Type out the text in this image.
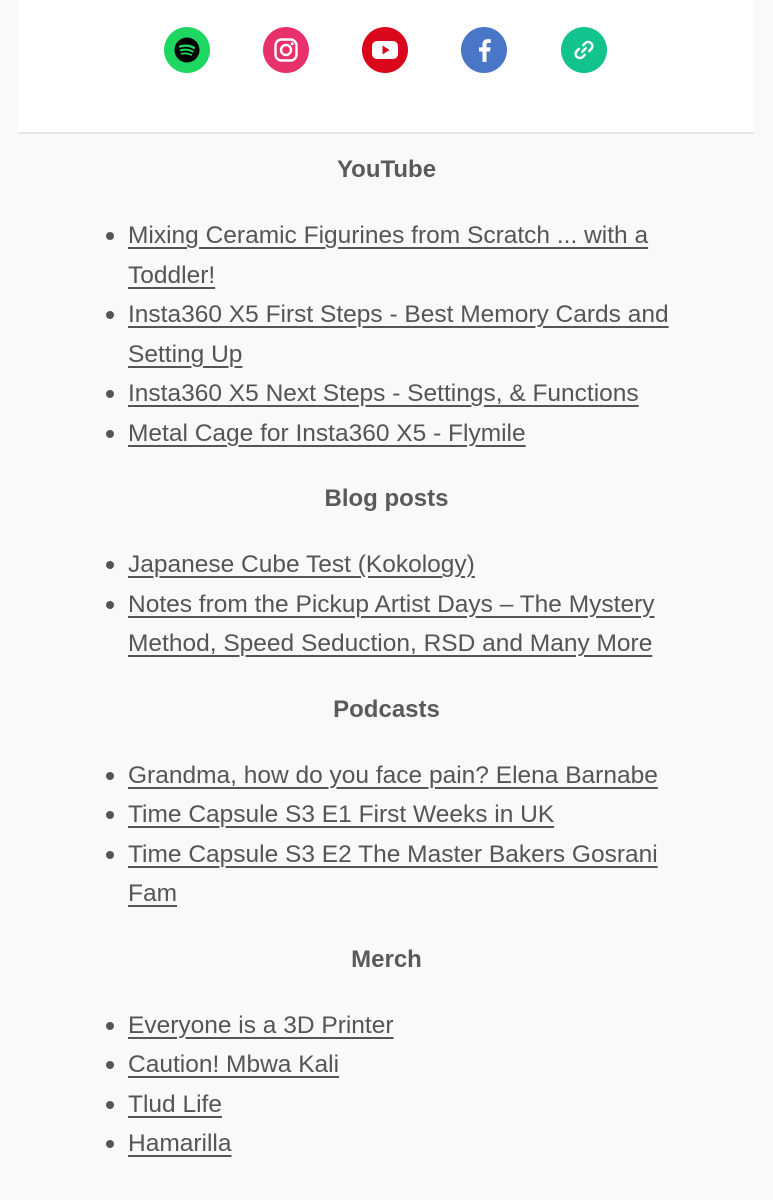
YouTube
Mixing Ceramic Figurines from Scratch ... with a Toddler!
Insta360 X5 First Steps - Best Memory Cards and Setting Up
Insta360 X5 Next Steps - Settings, & Functions
Metal Cage for Insta360 X5 - Flymile
Blog posts
Japanese Cube Test (Kokology)
Notes from the Pickup Artist Days – The Mystery Method, Speed Seduction, RSD and Many More
Podcasts
Grandma, how do you face pain? Elena Barnabe
Time Capsule S3 E1 First Weeks in UK
Time Capsule S3 E2 The Master Bakers Gosrani Fam
Merch
Everyone is a 3D Printer
Caution! Mbwa Kali
Tlud Life
Hamarilla
